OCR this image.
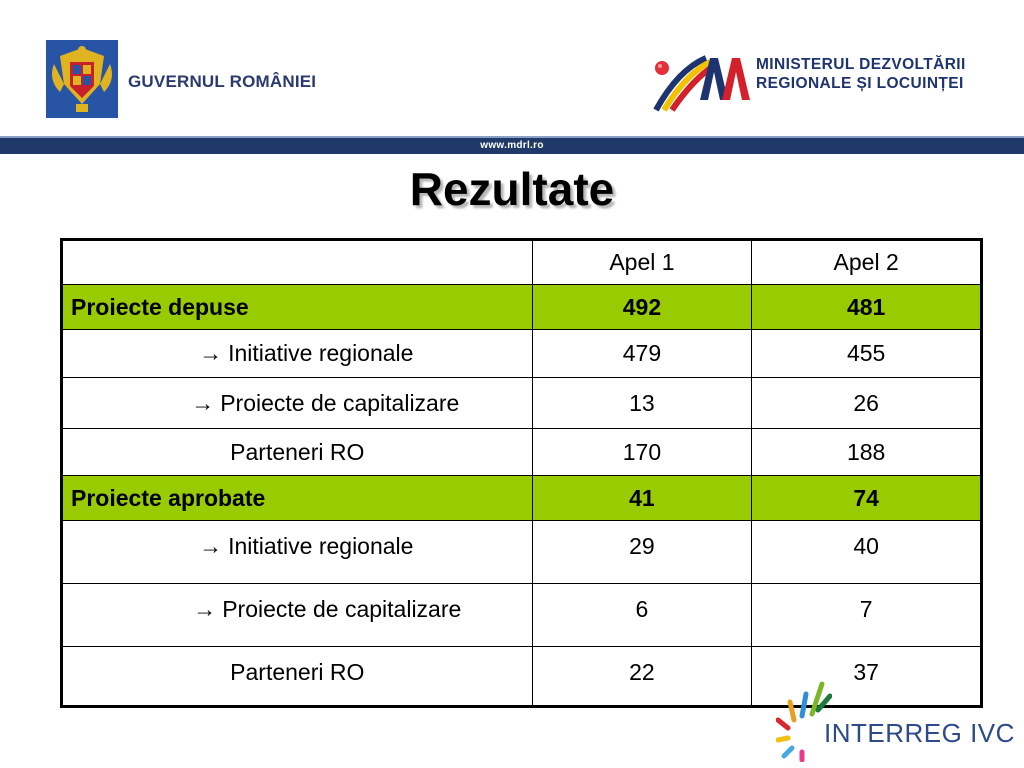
GUVERNUL ROMÂNIEI
MINISTERUL DEZVOLTĂRII
REGIONALE ȘI LOCUINȚEI
www.mdrl.ro
Rezultate
	Apel 1	Apel 2
Proiecte depuse	492	481
→ Initiative regionale	479	455
→ Proiecte de capitalizare	13	26
Parteneri RO	170	188
Proiecte aprobate	41	74
→ Initiative regionale	29	40
→ Proiecte de capitalizare	6	7
Parteneri RO	22	37
INTERREG IVC
